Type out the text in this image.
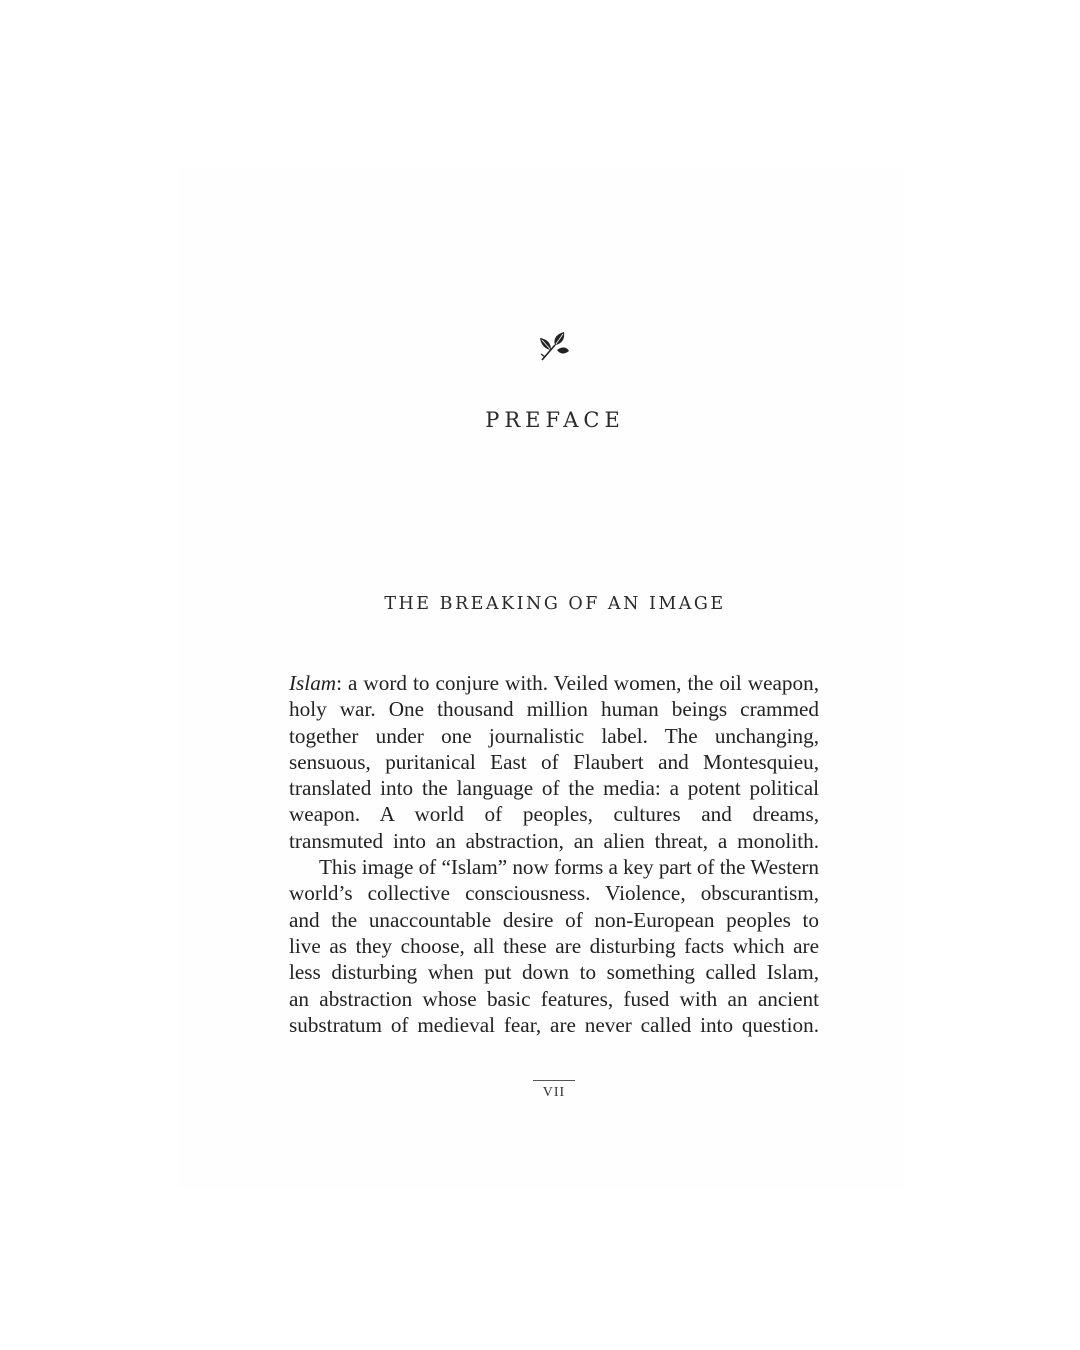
PREFACE
THE BREAKING OF AN IMAGE
Islam: a word to conjure with. Veiled women, the oil weapon,
holy war. One thousand million human beings crammed
together under one journalistic label. The unchanging,
sensuous, puritanical East of Flaubert and Montesquieu,
translated into the language of the media: a potent political
weapon. A world of peoples, cultures and dreams,
transmuted into an abstraction, an alien threat, a monolith.
This image of “Islam” now forms a key part of the Western
world’s collective consciousness. Violence, obscurantism,
and the unaccountable desire of non-European peoples to
live as they choose, all these are disturbing facts which are
less disturbing when put down to something called Islam,
an abstraction whose basic features, fused with an ancient
substratum of medieval fear, are never called into question.
VII
